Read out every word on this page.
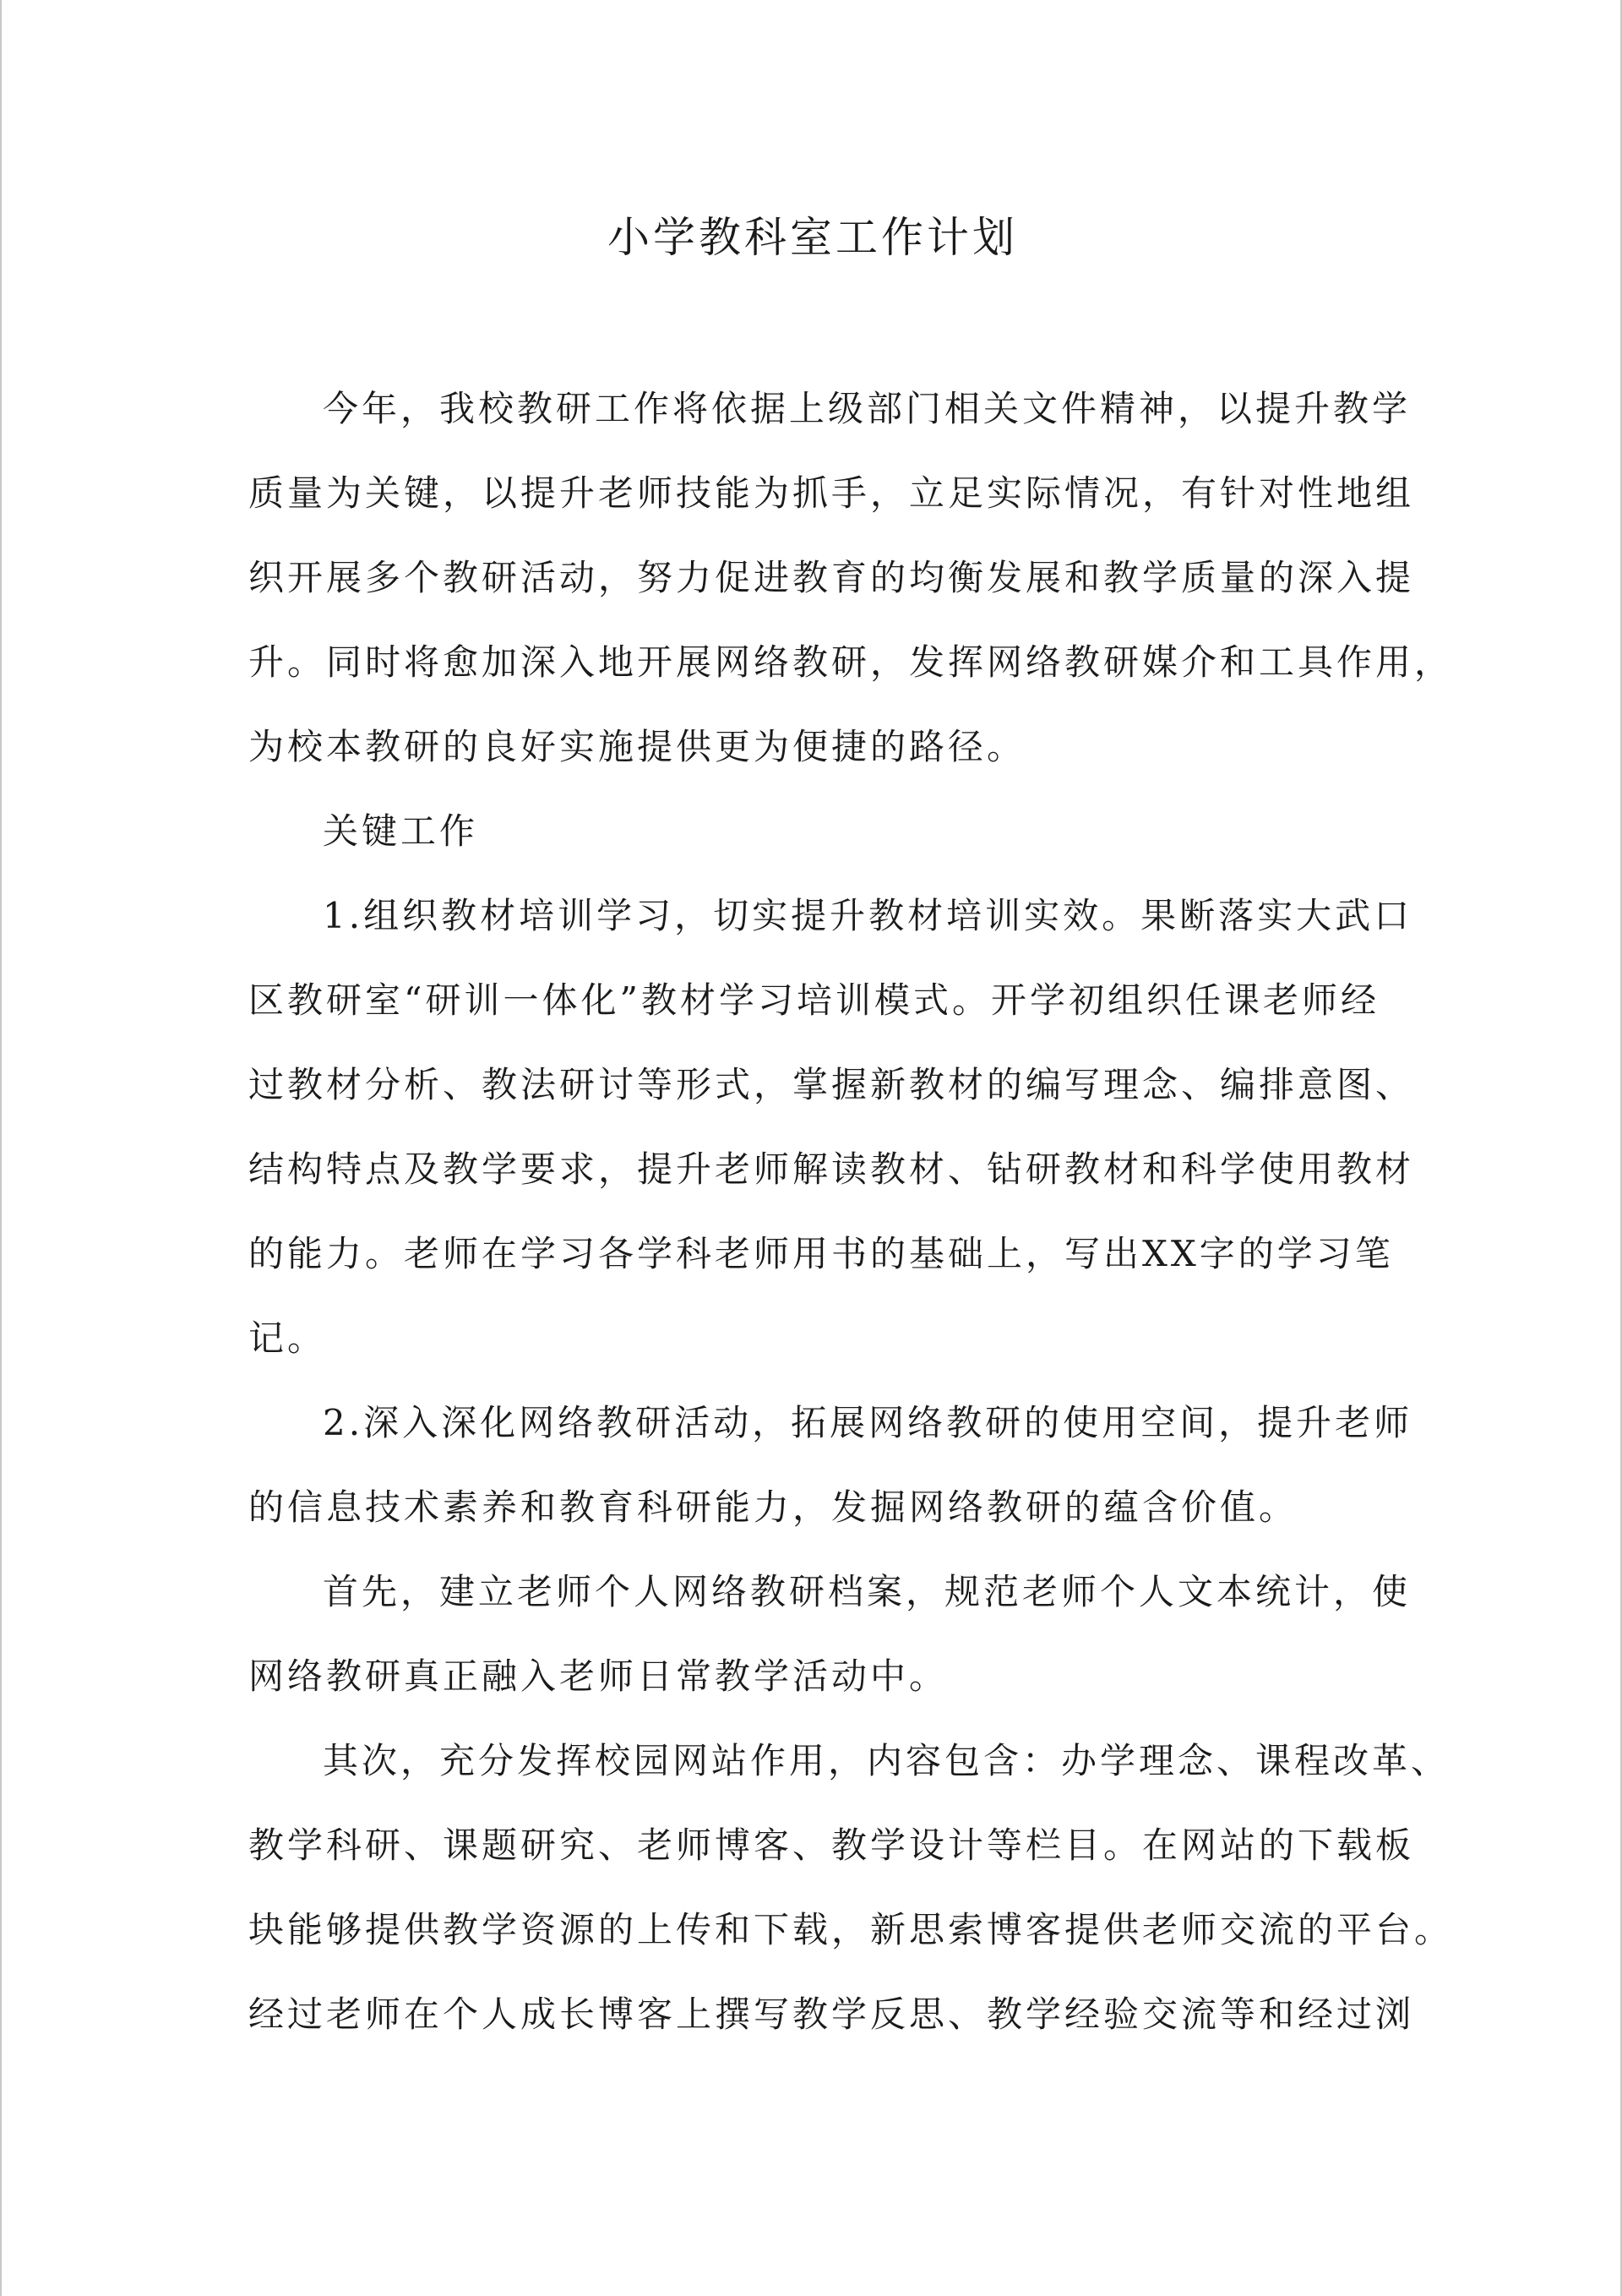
小学教科室工作计划

今年，我校教研工作将依据上级部门相关文件精神，以提升教学

质量为关键，以提升老师技能为抓手，立足实际情况，有针对性地组

织开展多个教研活动，努力促进教育的均衡发展和教学质量的深入提

升。同时将愈加深入地开展网络教研，发挥网络教研媒介和工具作用，

为校本教研的良好实施提供更为便捷的路径。

关键工作

1.组织教材培训学习，切实提升教材培训实效。果断落实大武口

区教研室“研训一体化”教材学习培训模式。开学初组织任课老师经

过教材分析、教法研讨等形式，掌握新教材的编写理念、编排意图、

结构特点及教学要求，提升老师解读教材、钻研教材和科学使用教材

的能力。老师在学习各学科老师用书的基础上，写出XX字的学习笔

记。

2.深入深化网络教研活动，拓展网络教研的使用空间，提升老师

的信息技术素养和教育科研能力，发掘网络教研的蕴含价值。

首先，建立老师个人网络教研档案，规范老师个人文本统计，使

网络教研真正融入老师日常教学活动中。

其次，充分发挥校园网站作用，内容包含：办学理念、课程改革、

教学科研、课题研究、老师博客、教学设计等栏目。在网站的下载板

块能够提供教学资源的上传和下载，新思索博客提供老师交流的平台。

经过老师在个人成长博客上撰写教学反思、教学经验交流等和经过浏
